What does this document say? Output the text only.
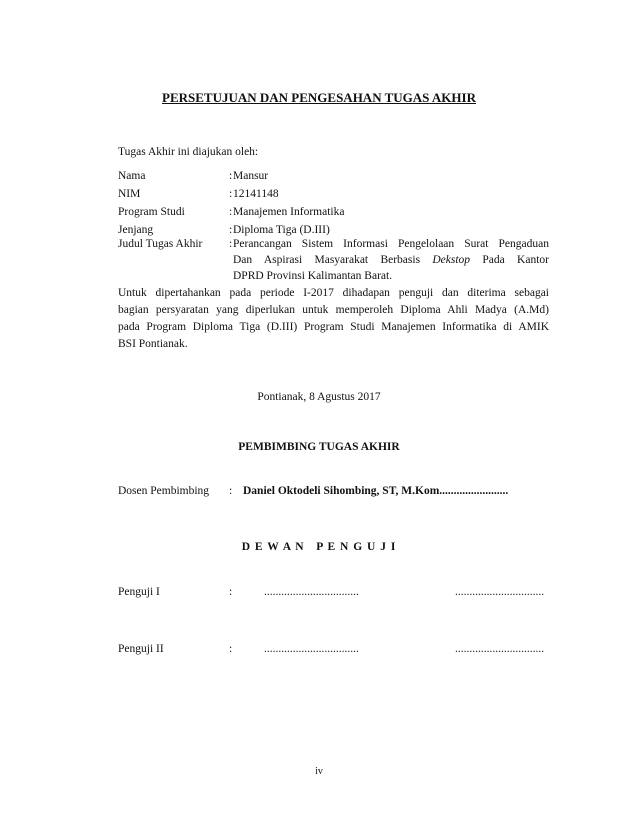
PERSETUJUAN DAN PENGESAHAN TUGAS AKHIR
Tugas Akhir ini diajukan oleh:
Nama	: Mansur
NIM	: 12141148
Program Studi	: Manajemen Informatika
Jenjang	: Diploma Tiga (D.III)
Judul Tugas Akhir : Perancangan Sistem Informasi Pengelolaan Surat Pengaduan
Dan Aspirasi Masyarakat Berbasis Dekstop Pada Kantor
DPRD Provinsi Kalimantan Barat.
Untuk dipertahankan pada periode I-2017 dihadapan penguji dan diterima sebagai
bagian persyaratan yang diperlukan untuk memperoleh Diploma Ahli Madya (A.Md)
pada Program Diploma Tiga (D.III) Program Studi Manajemen Informatika di AMIK
BSI Pontianak.
Pontianak, 8 Agustus 2017
PEMBIMBING TUGAS AKHIR
Dosen Pembimbing : Daniel Oktodeli Sihombing, ST, M.Kom........................
D E W A N   P E N G U J I
Penguji I	:	.................................	...............................
Penguji II	:	.................................	...............................
iv
